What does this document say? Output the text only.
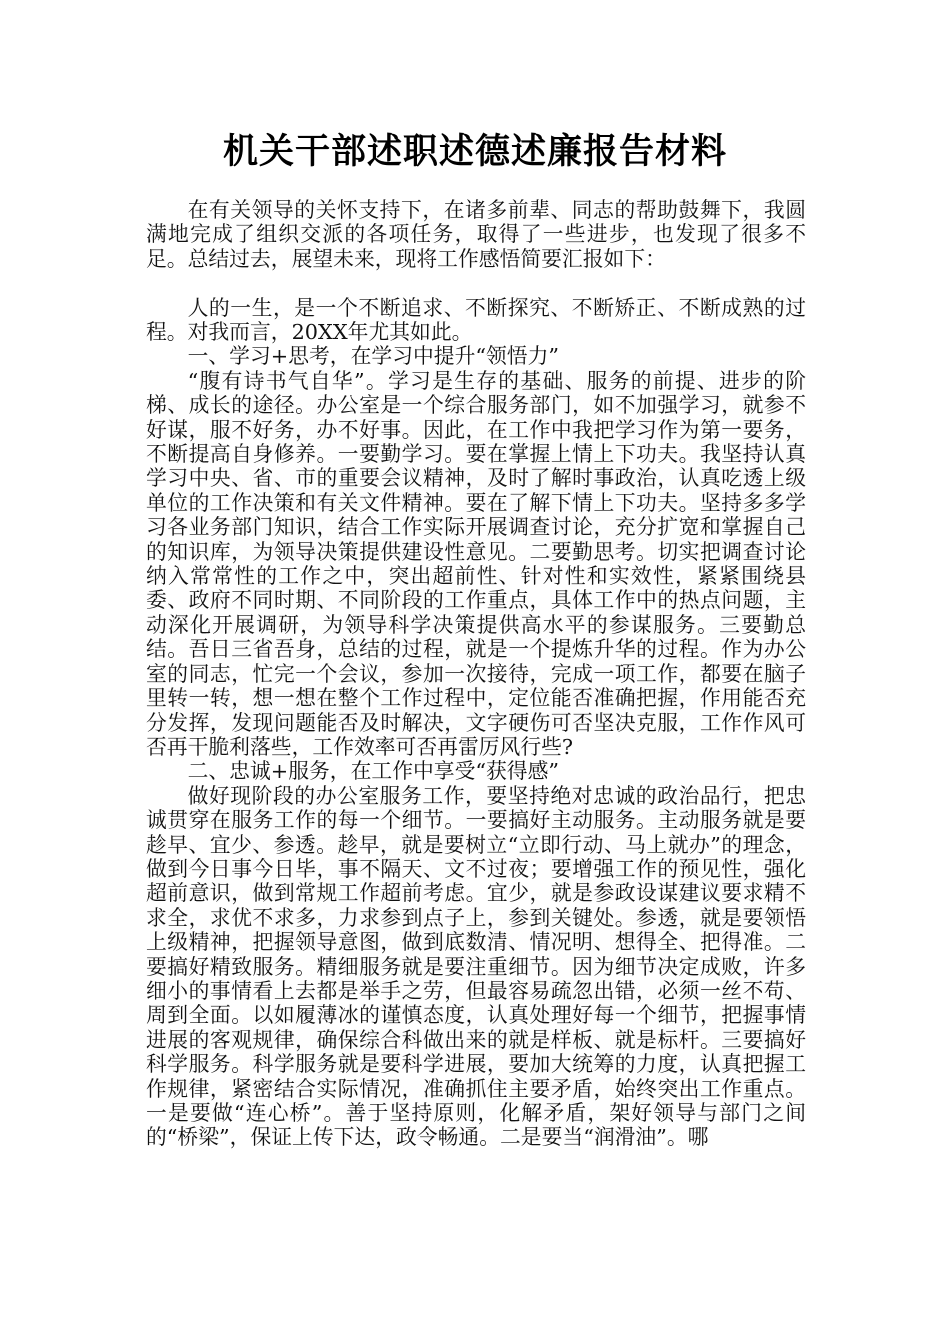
机关干部述职述德述廉报告材料

在有关领导的关怀支持下，在诸多前辈、同志的帮助鼓舞下，我圆满地完成了组织交派的各项任务，取得了一些进步，也发现了很多不足。总结过去，展望未来，现将工作感悟简要汇报如下：

人的一生，是一个不断追求、不断探究、不断矫正、不断成熟的过程。对我而言，20XX年尤其如此。

一、学习+思考，在学习中提升“领悟力”

“腹有诗书气自华”。学习是生存的基础、服务的前提、进步的阶梯、成长的途径。办公室是一个综合服务部门，如不加强学习，就参不好谋，服不好务，办不好事。因此，在工作中我把学习作为第一要务，不断提高自身修养。一要勤学习。要在掌握上情上下功夫。我坚持认真学习中央、省、市的重要会议精神，及时了解时事政治，认真吃透上级单位的工作决策和有关文件精神。要在了解下情上下功夫。坚持多多学习各业务部门知识，结合工作实际开展调查讨论，充分扩宽和掌握自己的知识库，为领导决策提供建设性意见。二要勤思考。切实把调查讨论纳入常常性的工作之中，突出超前性、针对性和实效性，紧紧围绕县委、政府不同时期、不同阶段的工作重点，具体工作中的热点问题，主动深化开展调研，为领导科学决策提供高水平的参谋服务。三要勤总结。吾日三省吾身，总结的过程，就是一个提炼升华的过程。作为办公室的同志，忙完一个会议，参加一次接待，完成一项工作，都要在脑子里转一转，想一想在整个工作过程中，定位能否准确把握，作用能否充分发挥，发现问题能否及时解决，文字硬伤可否坚决克服，工作作风可否再干脆利落些，工作效率可否再雷厉风行些?

二、忠诚+服务，在工作中享受“获得感”

做好现阶段的办公室服务工作，要坚持绝对忠诚的政治品行，把忠诚贯穿在服务工作的每一个细节。一要搞好主动服务。主动服务就是要趁早、宜少、参透。趁早，就是要树立“立即行动、马上就办”的理念，做到今日事今日毕，事不隔天、文不过夜；要增强工作的预见性，强化超前意识，做到常规工作超前考虑。宜少，就是参政设谋建议要求精不求全，求优不求多，力求参到点子上，参到关键处。参透，就是要领悟上级精神，把握领导意图，做到底数清、情况明、想得全、把得准。二要搞好精致服务。精细服务就是要注重细节。因为细节决定成败，许多细小的事情看上去都是举手之劳，但最容易疏忽出错，必须一丝不苟、周到全面。以如履薄冰的谨慎态度，认真处理好每一个细节，把握事情进展的客观规律，确保综合科做出来的就是样板、就是标杆。三要搞好科学服务。科学服务就是要科学进展，要加大统筹的力度，认真把握工作规律，紧密结合实际情况，准确抓住主要矛盾，始终突出工作重点。一是要做“连心桥”。善于坚持原则，化解矛盾，架好领导与部门之间的“桥梁”，保证上传下达，政令畅通。二是要当“润滑油”。哪
